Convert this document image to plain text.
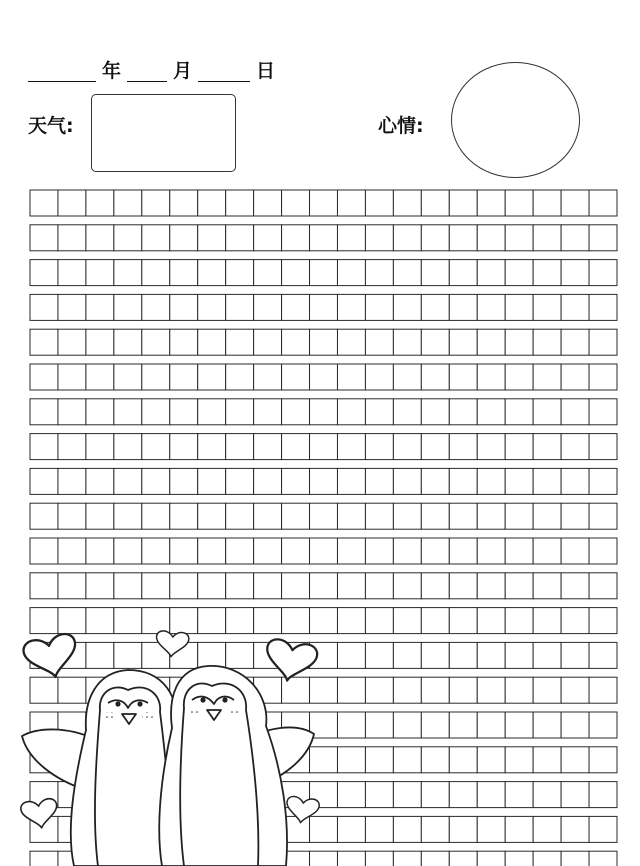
年	月	日
天气:	心情:
